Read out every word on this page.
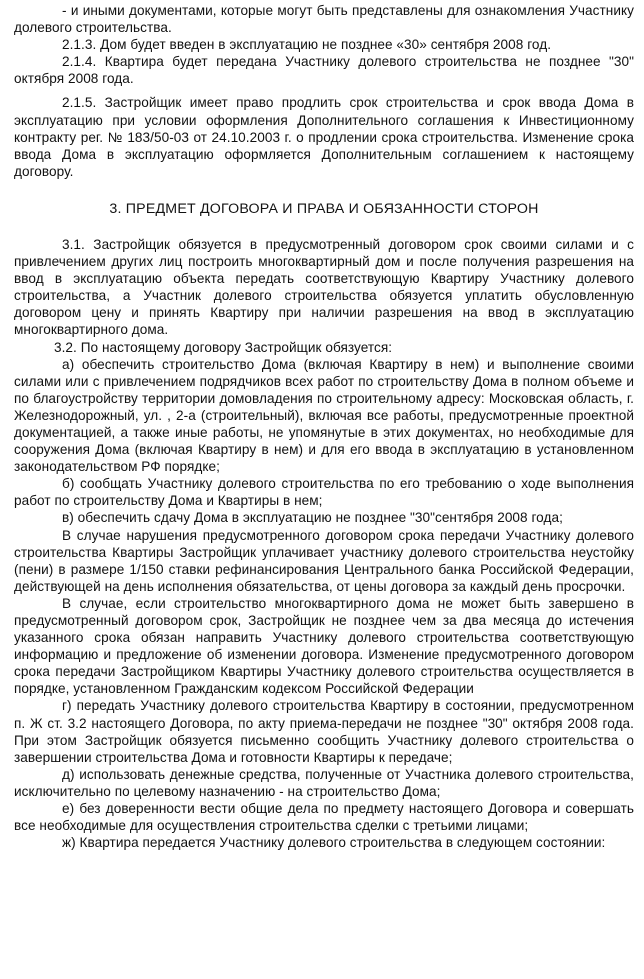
- и иными документами, которые могут быть представлены для ознакомления Участнику долевого строительства.

2.1.3. Дом будет введен в эксплуатацию не позднее «30» сентября 2008 год.

2.1.4. Квартира будет передана Участнику долевого строительства не позднее "30" октября 2008 года.

2.1.5. Застройщик имеет право продлить срок строительства и срок ввода Дома в эксплуатацию при условии оформления Дополнительного соглашения к Инвестиционному контракту рег. № 183/50-03 от 24.10.2003 г. о продлении срока строительства. Изменение срока ввода Дома в эксплуатацию оформляется Дополнительным соглашением к настоящему договору.

3. ПРЕДМЕТ ДОГОВОРА И ПРАВА И ОБЯЗАННОСТИ СТОРОН

3.1. Застройщик обязуется в предусмотренный договором срок своими силами и с привлечением других лиц построить многоквартирный дом и после получения разрешения на ввод в эксплуатацию объекта передать соответствующую Квартиру Участнику долевого строительства, а Участник долевого строительства обязуется уплатить обусловленную договором цену и принять Квартиру при наличии разрешения на ввод в эксплуатацию многоквартирного дома.

3.2. По настоящему договору Застройщик обязуется:

а) обеспечить строительство Дома (включая Квартиру в нем) и выполнение своими силами или с привлечением подрядчиков всех работ по строительству Дома в полном объеме и по благоустройству территории домовладения по строительному адресу: Московская область, г. Железнодорожный, ул. , 2-а (строительный), включая все работы, предусмотренные проектной документацией, а также иные работы, не упомянутые в этих документах, но необходимые для сооружения Дома (включая Квартиру в нем) и для его ввода в эксплуатацию в установленном законодательством РФ порядке;

б) сообщать Участнику долевого строительства по его требованию о ходе выполнения работ по строительству Дома и Квартиры в нем;

в) обеспечить сдачу Дома в эксплуатацию не позднее "30"сентября 2008 года;

В случае нарушения предусмотренного договором срока передачи Участнику долевого строительства Квартиры Застройщик уплачивает участнику долевого строительства неустойку (пени) в размере 1/150 ставки рефинансирования Центрального банка Российской Федерации, действующей на день исполнения обязательства, от цены договора за каждый день просрочки.

В случае, если строительство многоквартирного дома не может быть завершено в предусмотренный договором срок, Застройщик не позднее чем за два месяца до истечения указанного срока обязан направить Участнику долевого строительства соответствующую информацию и предложение об изменении договора. Изменение предусмотренного договором срока передачи Застройщиком Квартиры Участнику долевого строительства осуществляется в порядке, установленном Гражданским кодексом Российской Федерации

г) передать Участнику долевого строительства Квартиру в состоянии, предусмотренном п. Ж ст. 3.2 настоящего Договора, по акту приема-передачи не позднее "30" октября 2008 года. При этом Застройщик обязуется письменно сообщить Участнику долевого строительства о завершении строительства Дома и готовности Квартиры к передаче;

д) использовать денежные средства, полученные от Участника долевого строительства, исключительно по целевому назначению - на строительство Дома;

е) без доверенности вести общие дела по предмету настоящего Договора и совершать все необходимые для осуществления строительства сделки с третьими лицами;

ж) Квартира передается Участнику долевого строительства в следующем состоянии:
